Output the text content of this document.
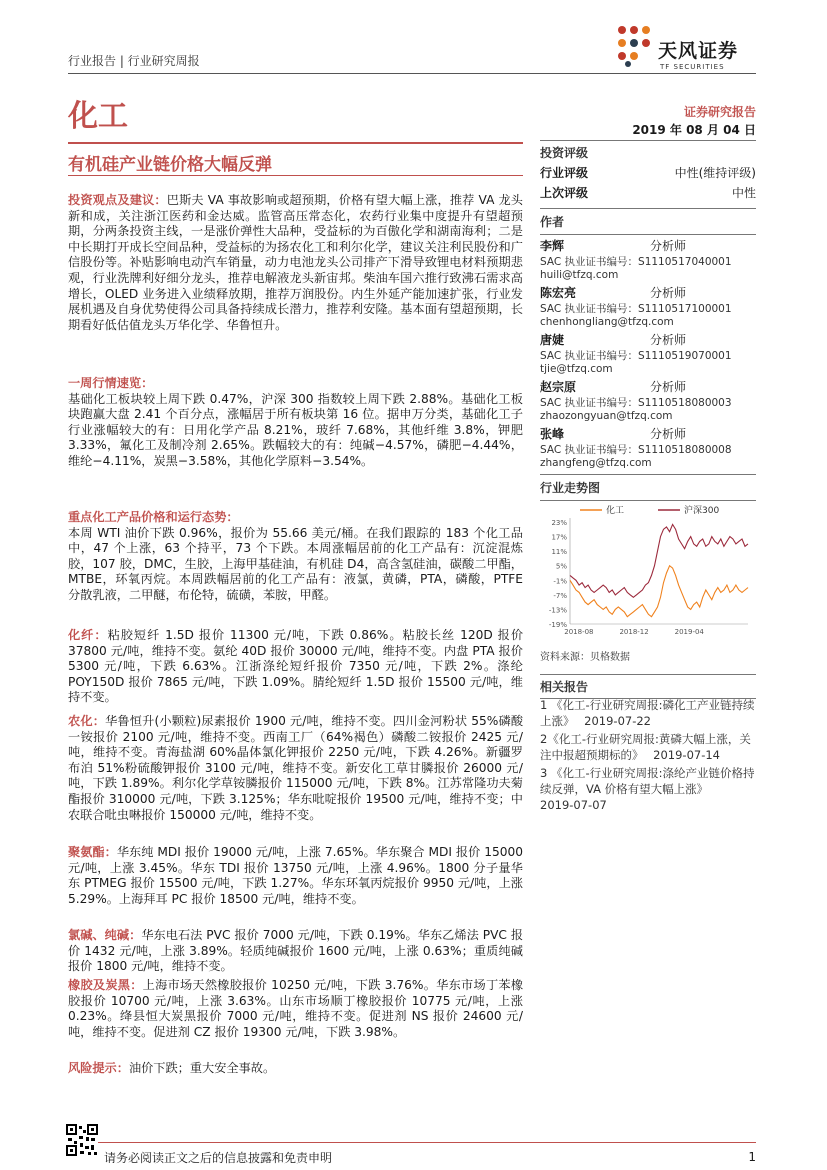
行业报告 | 行业研究周报	天风证券
TF SECURITIES
化工	证券研究报告
2019 年 08 月 04 日
有机硅产业链价格大幅反弹
投资观点及建议：巴斯夫 VA 事故影响或超预期，价格有望大幅上涨，推荐 VA 龙头新和成，关注浙江医药和金达威。监管高压常态化，农药行业集中度提升有望超预期，分两条投资主线，一是涨价弹性大品种，受益标的为百傲化学和湖南海利；二是中长期打开成长空间品种，受益标的为扬农化工和利尔化学，建议关注利民股份和广信股份等。补贴影响电动汽车销量，动力电池龙头公司排产下滑导致锂电材料预期悲观，行业洗牌利好细分龙头，推荐电解液龙头新宙邦。柴油车国六推行致沸石需求高增长，OLED 业务进入业绩释放期，推荐万润股份。内生外延产能加速扩张，行业发展机遇及自身优势使得公司具备持续成长潜力，推荐利安隆。基本面有望超预期，长期看好低估值龙头万华化学、华鲁恒升。
一周行情速览：
基础化工板块较上周下跌 0.47%，沪深 300 指数较上周下跌 2.88%。基础化工板块跑赢大盘 2.41 个百分点，涨幅居于所有板块第 16 位。据申万分类，基础化工子行业涨幅较大的有：日用化学产品 8.21%，玻纤 7.68%，其他纤维 3.8%，钾肥 3.33%，氟化工及制冷剂 2.65%。跌幅较大的有：纯碱−4.57%，磷肥−4.44%，维纶−4.11%，炭黑−3.58%，其他化学原料−3.54%。
重点化工产品价格和运行态势：
本周 WTI 油价下跌 0.96%，报价为 55.66 美元/桶。在我们跟踪的 183 个化工品中，47 个上涨，63 个持平，73 个下跌。本周涨幅居前的化工产品有：沉淀混炼胶，107 胶，DMC，生胶，上海甲基硅油，有机硅 D4，高含氢硅油，碳酸二甲酯，MTBE，环氧丙烷。本周跌幅居前的化工产品有：液氯，黄磷，PTA，磷酸，PTFE 分散乳液，二甲醚，布伦特，硫磺，苯胺，甲醛。
化纤：粘胶短纤 1.5D 报价 11300 元/吨，下跌 0.86%。粘胶长丝 120D 报价 37800 元/吨，维持不变。氨纶 40D 报价 30000 元/吨，维持不变。内盘 PTA 报价 5300 元/吨，下跌 6.63%。江浙涤纶短纤报价 7350 元/吨，下跌 2%。涤纶 POY150D 报价 7865 元/吨，下跌 1.09%。腈纶短纤 1.5D 报价 15500 元/吨，维持不变。
农化：华鲁恒升(小颗粒)尿素报价 1900 元/吨，维持不变。四川金河粉状 55%磷酸一铵报价 2100 元/吨，维持不变。西南工厂（64%褐色）磷酸二铵报价 2425 元/吨，维持不变。青海盐湖 60%晶体氯化钾报价 2250 元/吨，下跌 4.26%。新疆罗布泊 51%粉硫酸钾报价 3100 元/吨，维持不变。新安化工草甘膦报价 26000 元/吨，下跌 1.89%。利尔化学草铵膦报价 115000 元/吨，下跌 8%。江苏常隆功夫菊酯报价 310000 元/吨，下跌 3.125%；华东吡啶报价 19500 元/吨，维持不变；中农联合吡虫啉报价 150000 元/吨，维持不变。
聚氨酯：华东纯 MDI 报价 19000 元/吨，上涨 7.65%。华东聚合 MDI 报价 15000 元/吨，上涨 3.45%。华东 TDI 报价 13750 元/吨，上涨 4.96%。1800 分子量华东 PTMEG 报价 15500 元/吨，下跌 1.27%。华东环氧丙烷报价 9950 元/吨，上涨 5.29%。上海拜耳 PC 报价 18500 元/吨，维持不变。
氯碱、纯碱：华东电石法 PVC 报价 7000 元/吨，下跌 0.19%。华东乙烯法 PVC 报价 1432 元/吨，上涨 3.89%。轻质纯碱报价 1600 元/吨，上涨 0.63%；重质纯碱报价 1800 元/吨，维持不变。
橡胶及炭黑：上海市场天然橡胶报价 10250 元/吨，下跌 3.76%。华东市场丁苯橡胶报价 10700 元/吨，上涨 3.63%。山东市场顺丁橡胶报价 10775 元/吨，上涨 0.23%。绛县恒大炭黑报价 7000 元/吨，维持不变。促进剂 NS 报价 24600 元/吨，维持不变。促进剂 CZ 报价 19300 元/吨，下跌 3.98%。
风险提示：油价下跌；重大安全事故。
投资评级
行业评级	中性(维持评级)
上次评级	中性
作者
李辉	分析师
SAC 执业证书编号：S1110517040001
huili@tfzq.com
陈宏亮	分析师
SAC 执业证书编号：S1110517100001
chenhongliang@tfzq.com
唐婕	分析师
SAC 执业证书编号：S1110519070001
tjie@tfzq.com
赵宗原	分析师
SAC 执业证书编号：S1110518080003
zhaozongyuan@tfzq.com
张峰	分析师
SAC 执业证书编号：S1110518080008
zhangfeng@tfzq.com
行业走势图
化工	沪深300
23%
17%
11%
5%
-1%
-7%
-13%
-19%
2018-08	2018-12	2019-04
资料来源：贝格数据
相关报告
1 《化工-行业研究周报:磷化工产业链持续上涨》 2019-07-22
2《化工-行业研究周报:黄磷大幅上涨，关注中报超预期标的》 2019-07-14
3 《化工-行业研究周报:涤纶产业链价格持续反弹，VA 价格有望大幅上涨》
2019-07-07
请务必阅读正文之后的信息披露和免责申明	1
